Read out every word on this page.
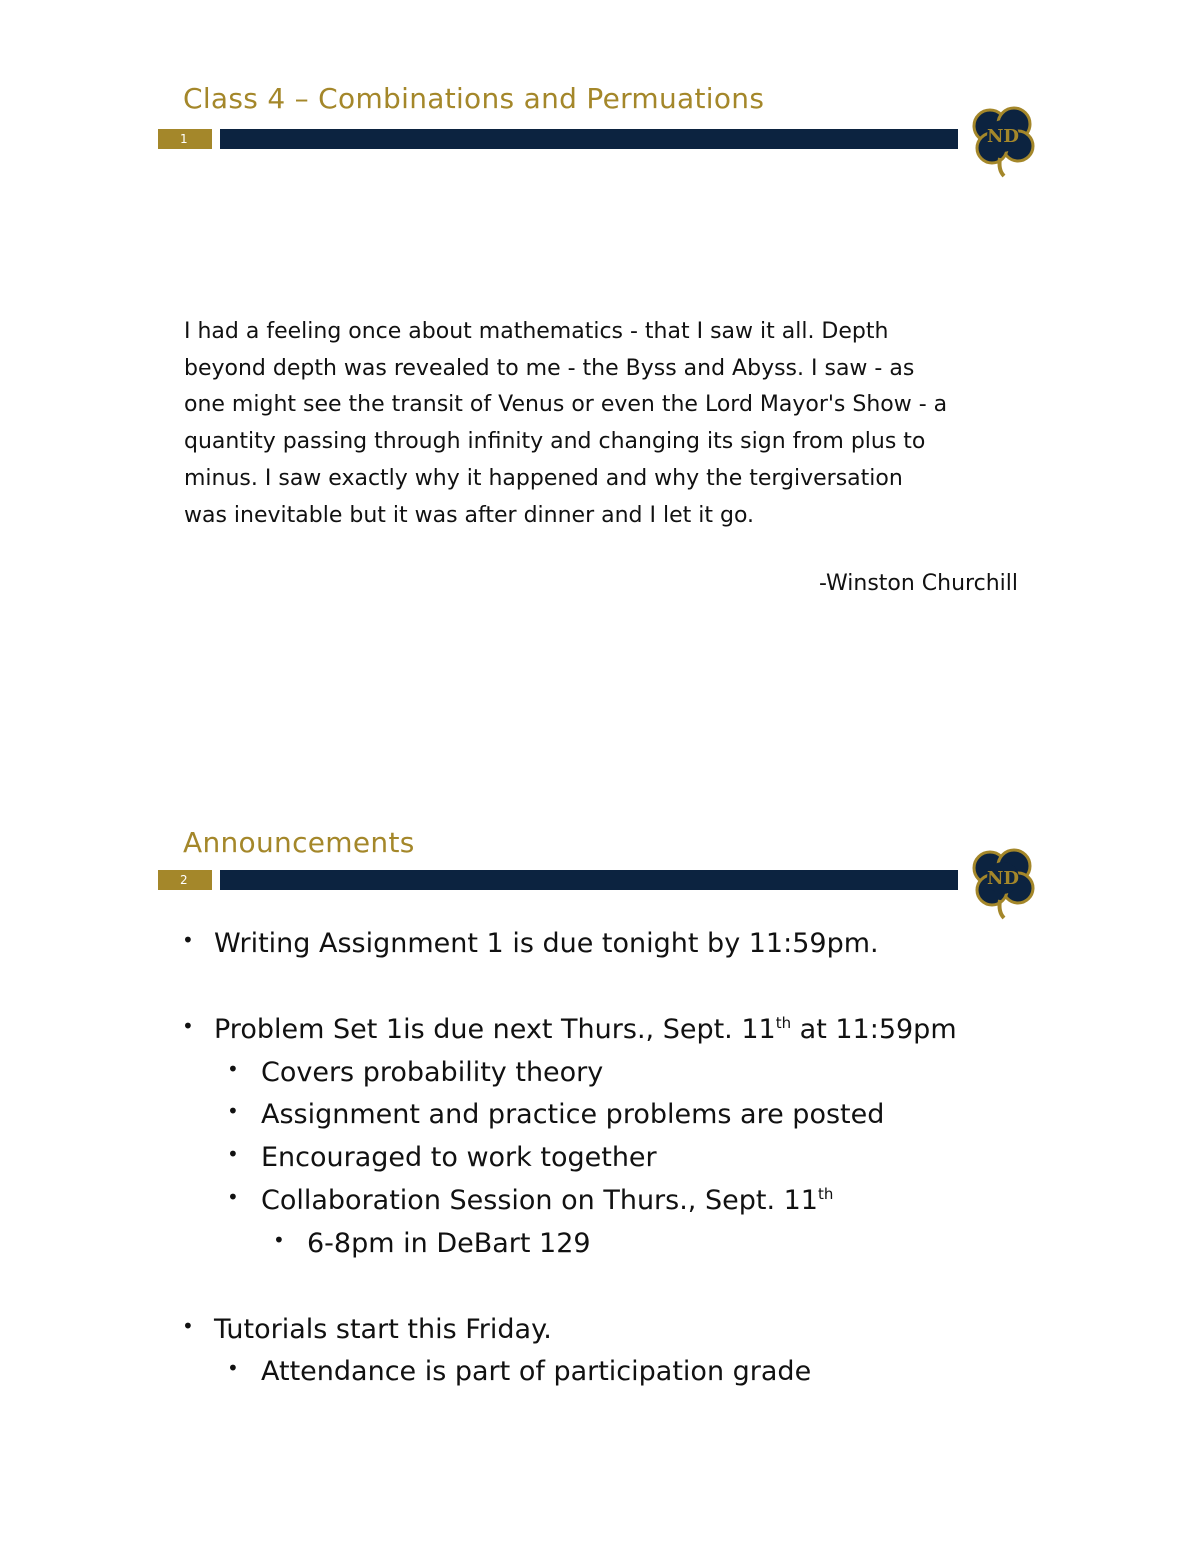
Class 4 – Combinations and Permuations
1	ND
I had a feeling once about mathematics - that I saw it all. Depth
beyond depth was revealed to me - the Byss and Abyss. I saw - as
one might see the transit of Venus or even the Lord Mayor's Show - a
quantity passing through infinity and changing its sign from plus to
minus. I saw exactly why it happened and why the tergiversation
was inevitable but it was after dinner and I let it go.
-Winston Churchill
Announcements
2	ND
• Writing Assignment 1 is due tonight by 11:59pm.
• Problem Set 1is due next Thurs., Sept. 11th at 11:59pm
• Covers probability theory
• Assignment and practice problems are posted
• Encouraged to work together
• Collaboration Session on Thurs., Sept. 11th
• 6-8pm in DeBart 129
• Tutorials start this Friday.
• Attendance is part of participation grade
